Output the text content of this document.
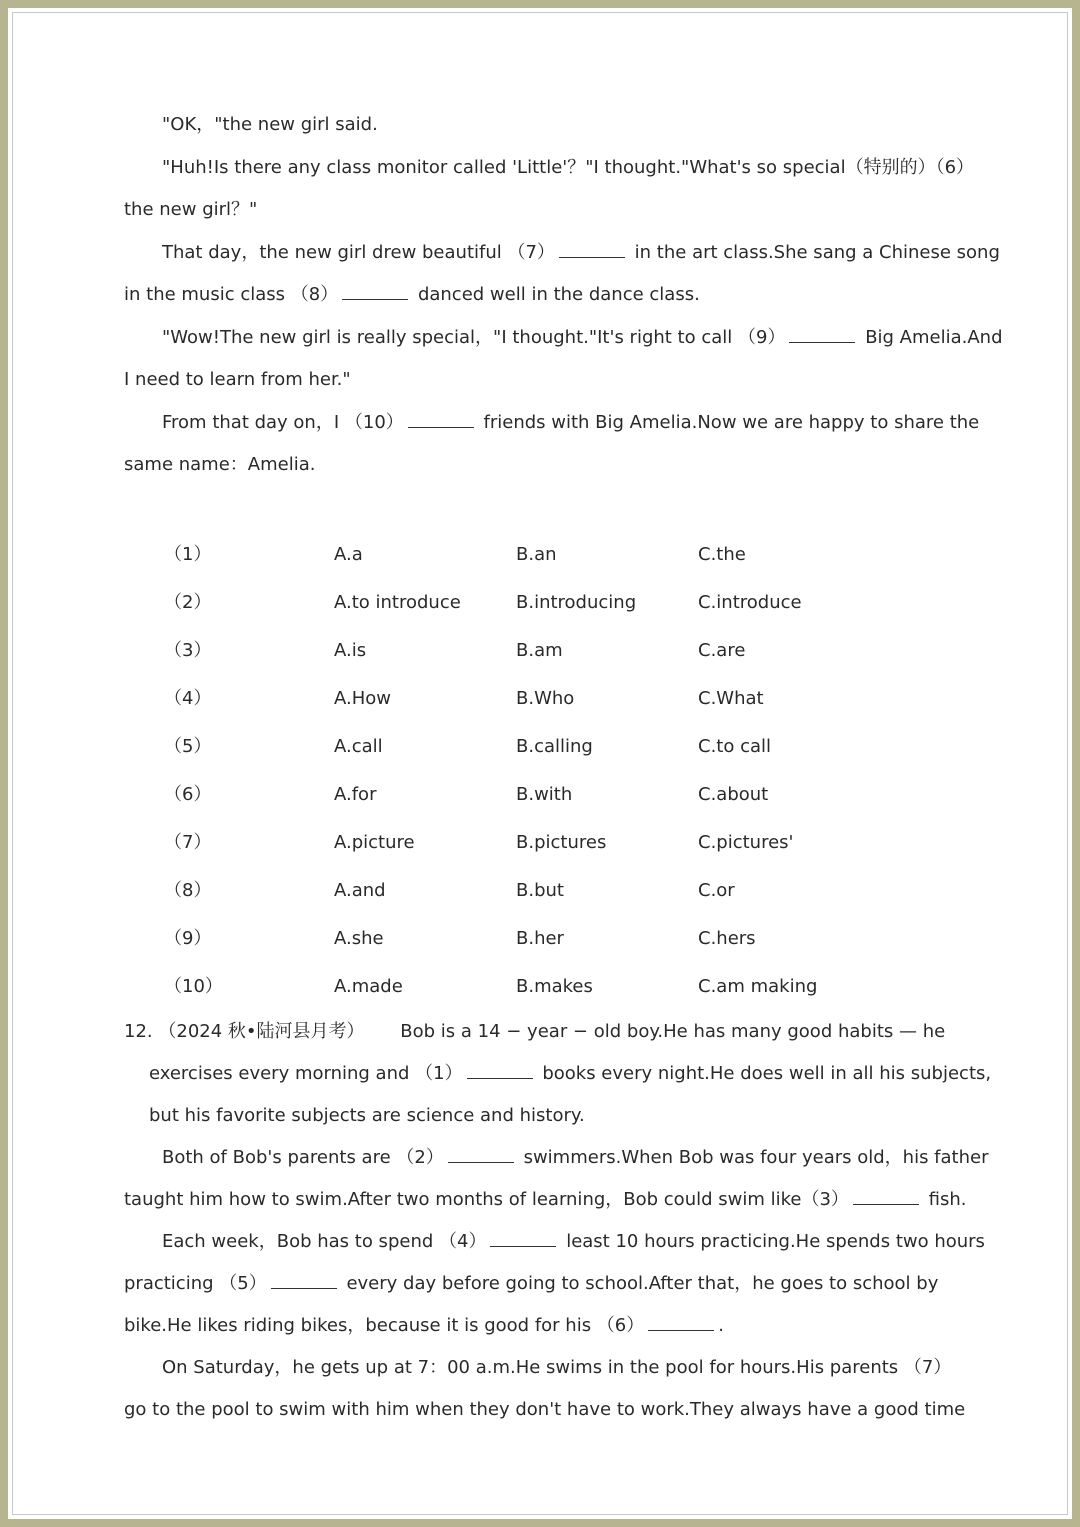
"OK，"the new girl said.
"Huh!Is there any class monitor called 'Little'？"I thought."What's so special（特别的）（6）
the new girl？"
That day，the new girl drew beautiful （7）	in the art class.She sang a Chinese song
in the music class （8）	danced well in the dance class.
"Wow!The new girl is really special，"I thought."It's right to call （9）	Big Amelia.And
I need to learn from her."
From that day on，I （10）	friends with Big Amelia.Now we are happy to share the
same name：Amelia.
（1）	A.a	B.an	C.the
（2）	A.to introduce	B.introducing	C.introduce
（3）	A.is	B.am	C.are
（4）	A.How	B.Who	C.What
（5）	A.call	B.calling	C.to call
（6）	A.for	B.with	C.about
（7）	A.picture	B.pictures	C.pictures'
（8）	A.and	B.but	C.or
（9）	A.she	B.her	C.hers
（10）	A.made	B.makes	C.am making
12. （2024 秋•陆河县月考） Bob is a 14 − year − old boy.He has many good habits — he
exercises every morning and （1）	books every night.He does well in all his subjects,
but his favorite subjects are science and history.
Both of Bob's parents are （2）	swimmers.When Bob was four years old，his father
taught him how to swim.After two months of learning，Bob could swim like（3）	fish.
Each week，Bob has to spend （4）	least 10 hours practicing.He spends two hours
practicing （5）	every day before going to school.After that，he goes to school by
bike.He likes riding bikes，because it is good for his （6）	.
On Saturday，he gets up at 7：00 a.m.He swims in the pool for hours.His parents （7）
go to the pool to swim with him when they don't have to work.They always have a good time
